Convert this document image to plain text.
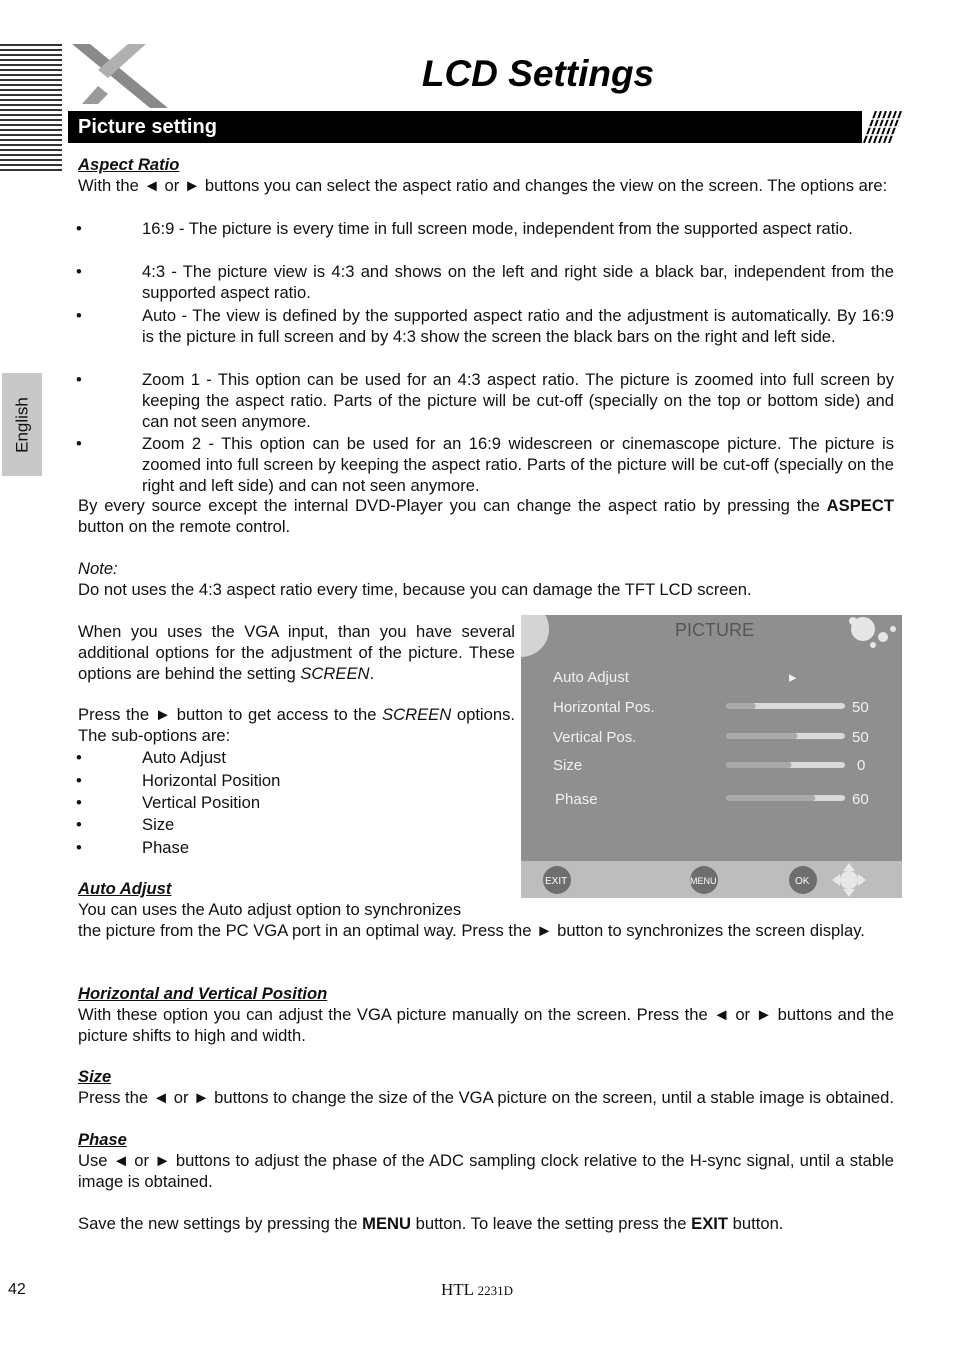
LCD Settings
Picture setting
English
Aspect Ratio

With the ◄ or ► buttons you can select the aspect ratio and changes the view on the screen. The options are:

•	16:9 - The picture is every time in full screen mode, independent from the supported aspect ratio.

•	4:3 - The picture view is 4:3 and shows on the left and right side a black bar, independent from the supported aspect ratio.

•	Auto - The view is defined by the supported aspect ratio and the adjustment is automatically. By 16:9 is the picture in full screen and by 4:3 show the screen the black bars on the right and left side.

•	Zoom 1 - This option can be used for an 4:3 aspect ratio. The picture is zoomed into full screen by keeping the aspect ratio. Parts of the picture will be cut-off (specially on the top or bottom side) and can not seen anymore.

•	Zoom 2 - This option can be used for an 16:9 widescreen or cinemascope picture. The picture is zoomed into full screen by keeping the aspect ratio. Parts of the picture will be cut-off (specially on the right and left side) and can not seen anymore.

By every source except the internal DVD-Player you can change the aspect ratio by pressing the ASPECT button on the remote control.

Note:

Do not uses the 4:3 aspect ratio every time, because you can damage the TFT LCD screen.

When you uses the VGA input, than you have several additional options for the adjustment of the picture. These options are behind the setting SCREEN.

Press the ► button to get access to the SCREEN options. The sub-options are:

•	Auto Adjust
•	Horizontal Position
•	Vertical Position
•	Size
•	Phase
Auto Adjust

You can uses the Auto adjust option to synchronizes

the picture from the PC VGA port in an optimal way. Press the ► button to synchronizes the screen display.

Horizontal and Vertical Position

With these option you can adjust the VGA picture manually on the screen. Press the ◄ or ► buttons and the picture shifts to high and width.

Size

Press the ◄ or ► buttons to change the size of the VGA picture on the screen, until a stable image is obtained.

Phase

Use ◄ or ► buttons to adjust the phase of the ADC sampling clock relative to the H-sync signal, until a stable image is obtained.

Save the new settings by pressing the MENU button. To leave the setting press the EXIT button.

PICTURE
Auto Adjust	▸
Horizontal Pos.	50
Vertical Pos.	50
Size	0
Phase	60
EXIT	MENU	OK
42	HTL 2231D
